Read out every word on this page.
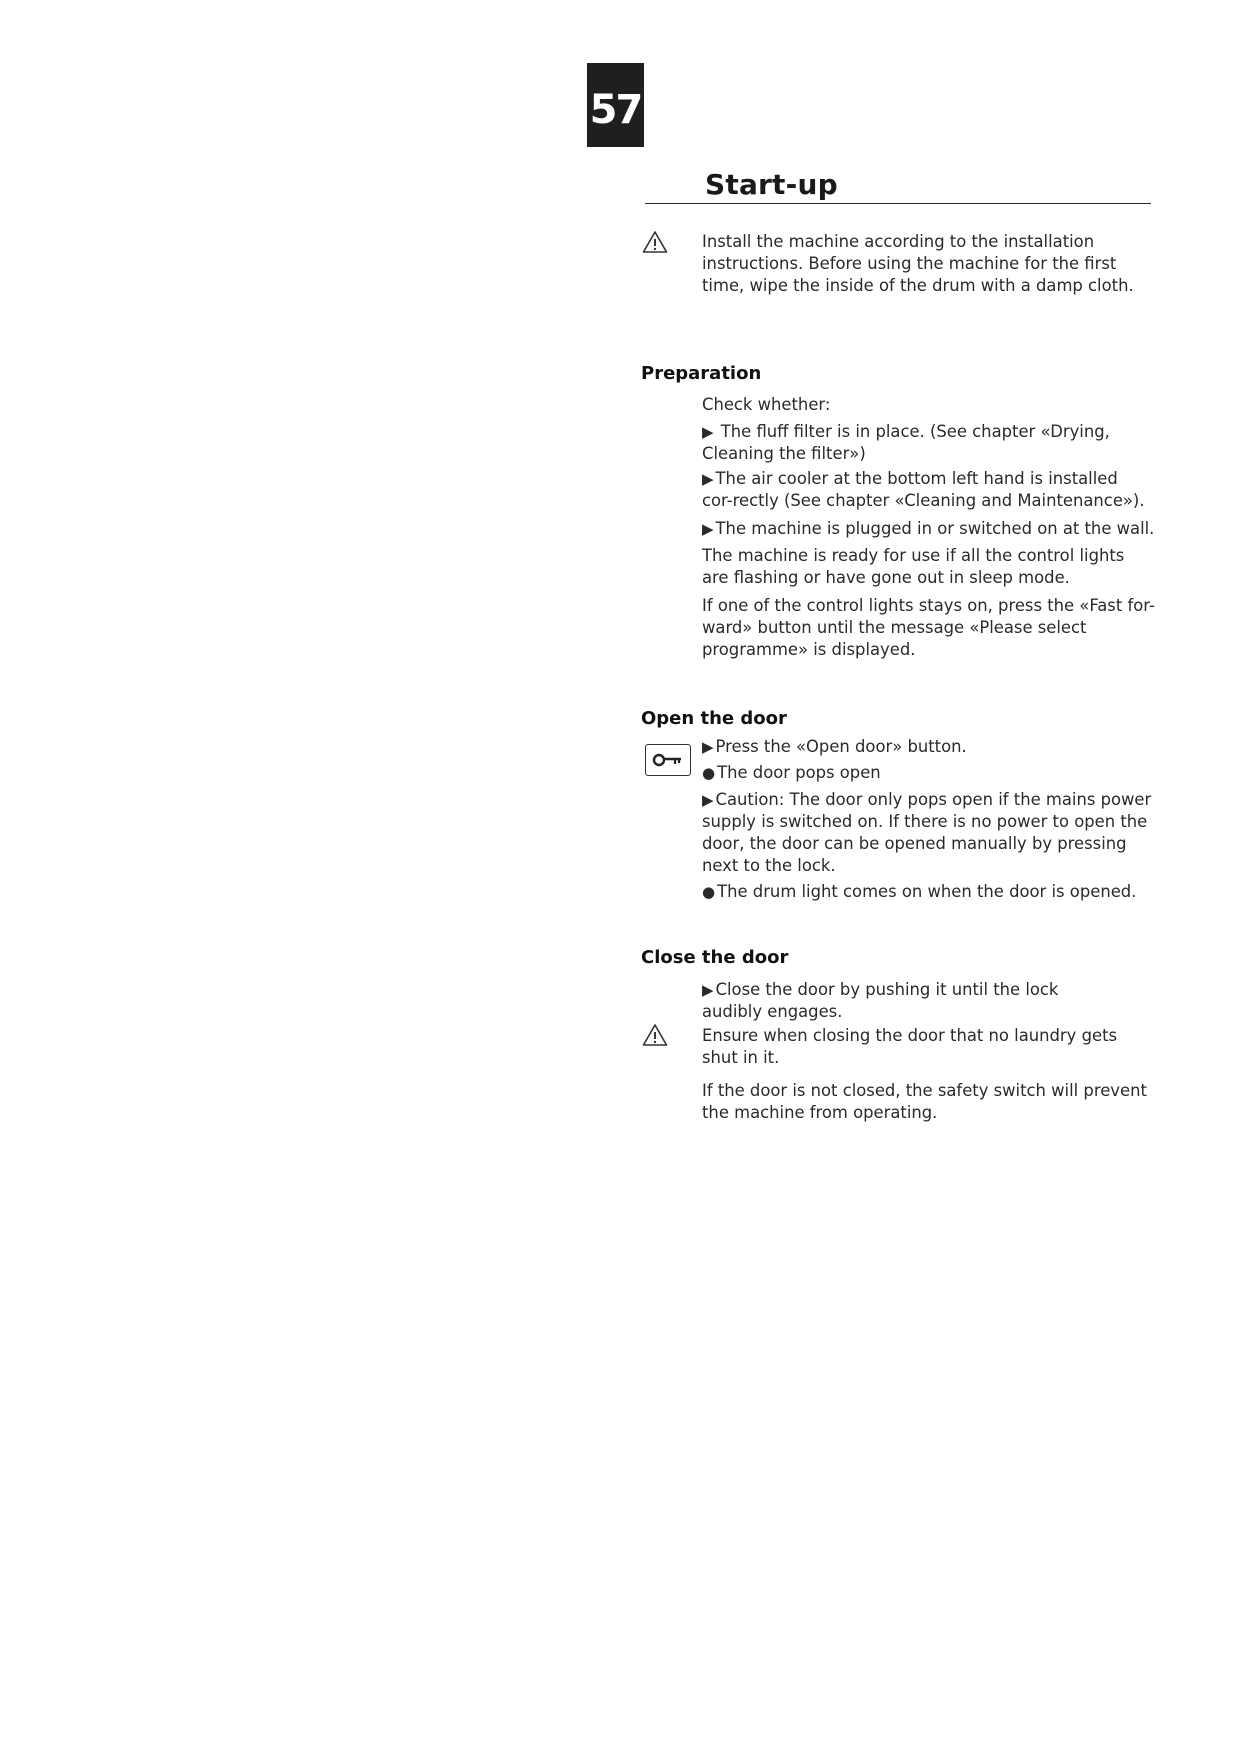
57
Start-up
Install the machine according to the installation instructions. Before using the machine for the first time, wipe the inside of the drum with a damp cloth.
Preparation
Check whether:
▶ The fluff filter is in place. (See chapter «Drying, Cleaning the filter»)
▶ The air cooler at the bottom left hand is installed cor-rectly (See chapter «Cleaning and Maintenance»).
▶ The machine is plugged in or switched on at the wall.
The machine is ready for use if all the control lights are flashing or have gone out in sleep mode.
If one of the control lights stays on, press the «Fast for-ward» button until the message «Please select programme» is displayed.
Open the door
▶ Press the «Open door» button.
● The door pops open
▶ Caution: The door only pops open if the mains power supply is switched on. If there is no power to open the door, the door can be opened manually by pressing next to the lock.
● The drum light comes on when the door is opened.
Close the door
▶ Close the door by pushing it until the lock audibly engages.
Ensure when closing the door that no laundry gets shut in it.
If the door is not closed, the safety switch will prevent the machine from operating.
